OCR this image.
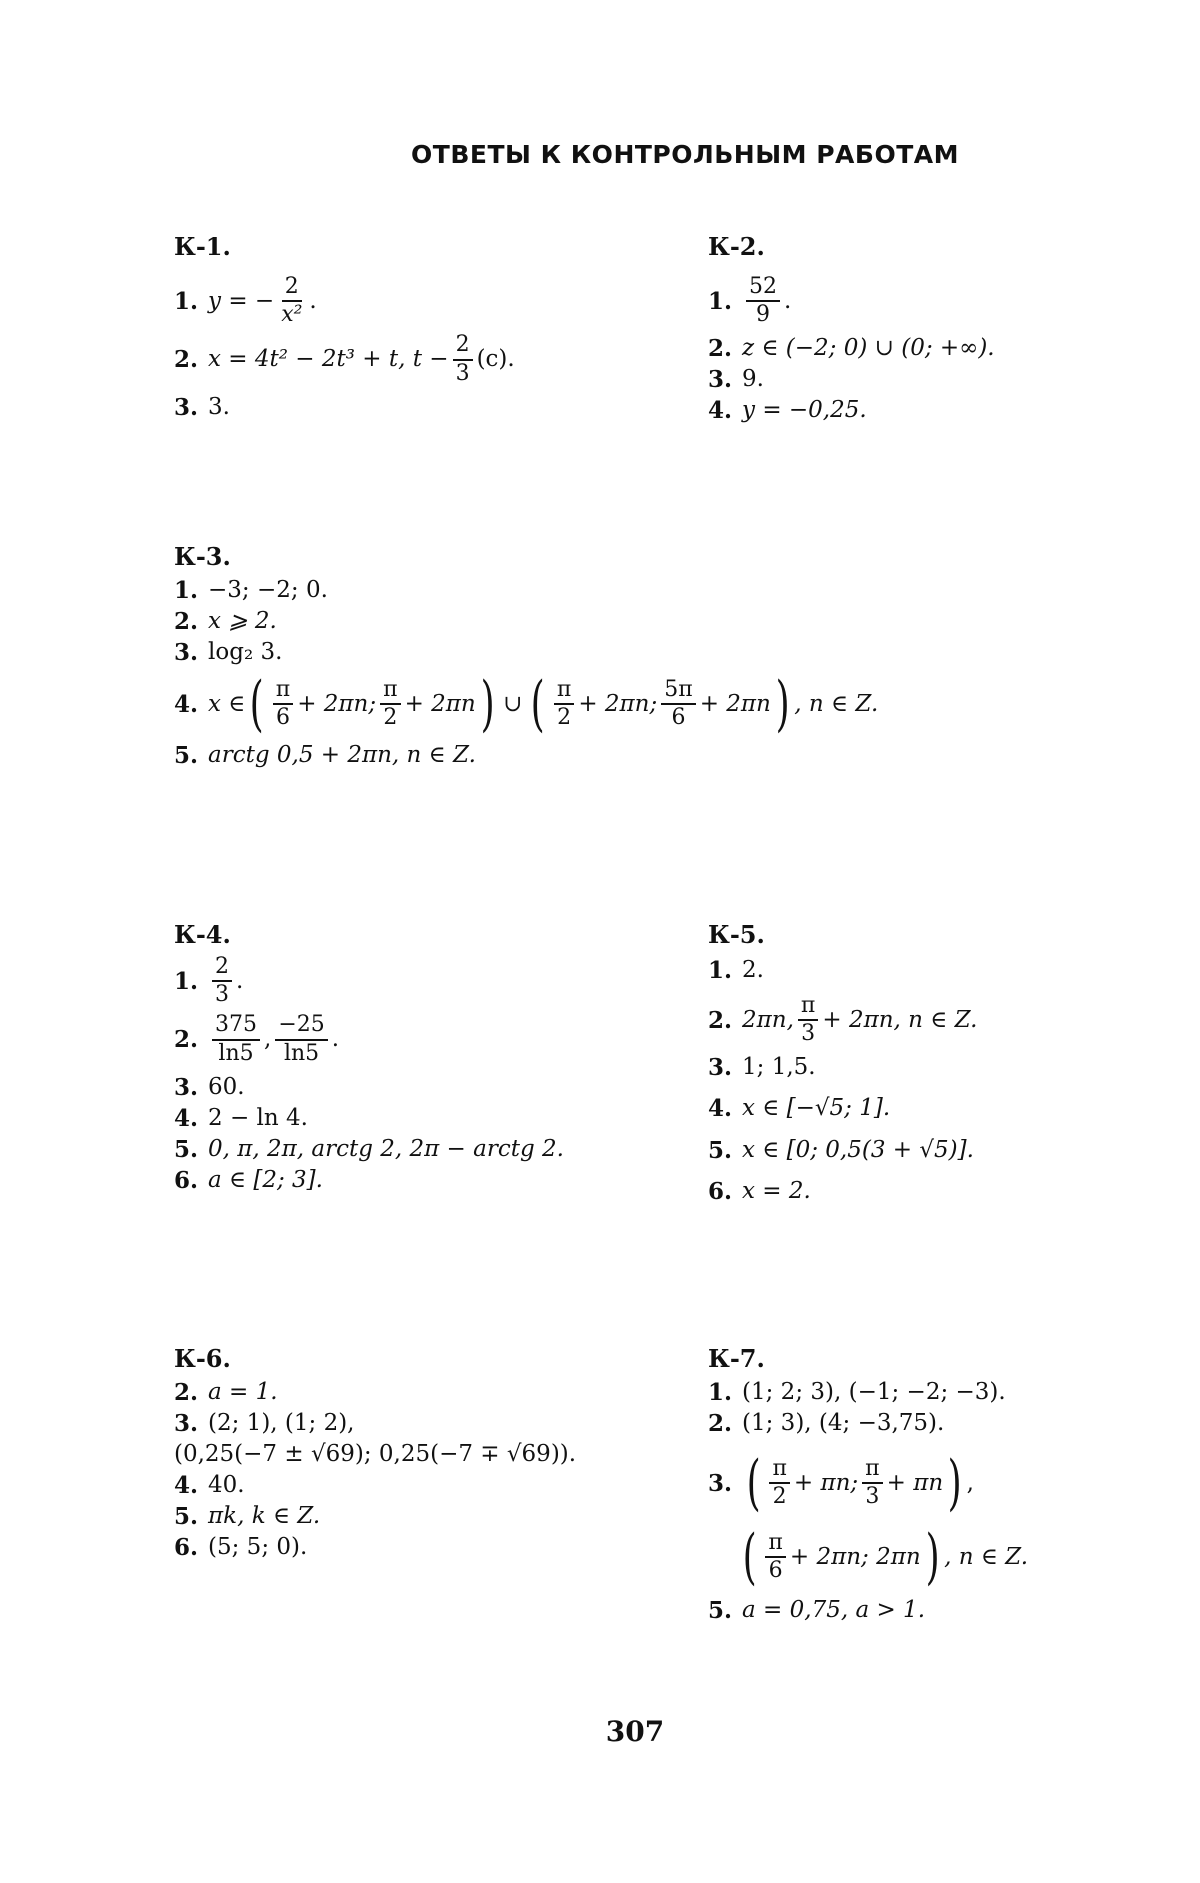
ОТВЕТЫ К КОНТРОЛЬНЫМ РАБОТАМ
К-1.
1. y = − $\frac{2}{\text{x²}}$ .
2. x = 4t² − 2t³ + t, $t - \frac{2}{3} (с)$.
3. 3.
К-2.
1. $\frac{52}{9}$ .
2. z ∈ (−2; 0) ∪ (0; +∞).
3. 9.
4. y = −0,25.
К-3.
1. −3; −2; 0.
2. x ⩾ 2.
3. log₂ 3.
4. x ∈ ( $\frac{\pi}{6} + 2\pi n$; $\frac{\pi}{2} + 2\pi n$ ) ∪ ( $\frac{\pi}{2} + 2\pi n$; $\frac{5\pi}{6} + 2\pi n$ ) , n ∈ Z.
5. arctg 0,5 + 2πn, n ∈ Z.
К-4.
1. $\frac{2}{3}$ .
2. $\frac{375}{\ln 5}$ , $\frac{-25}{\ln 5}$ .
3. 60.
4. 2 − ln 4.
5. 0, π, 2π, arctg 2, 2π − arctg 2.
6. a ∈ [2; 3].
К-5.
1. 2.
2. 2πn, $\frac{\pi}{3} + 2\pi n$, n ∈ Z.
3. 1; 1,5.
4. x ∈ [−√5; 1].
5. x ∈ [0; 0,5(3 + √5)].
6. x = 2.
К-6.
2. a = 1.
3. (2; 1), (1; 2),
(0,25(−7 ± √69); 0,25(−7 ∓ √69)).
4. 40.
5. πk, k ∈ Z.
6. (5; 5; 0).
К-7.
1. (1; 2; 3), (−1; −2; −3).
2. (1; 3), (4; −3,75).
3. ( $\frac{\pi}{2} + \pi n$; $\frac{\pi}{3} + \pi n$ ) ,
( $\frac{\pi}{6} + 2\pi n$; 2πn ) , n ∈ Z.
5. a = 0,75, a > 1.
307
